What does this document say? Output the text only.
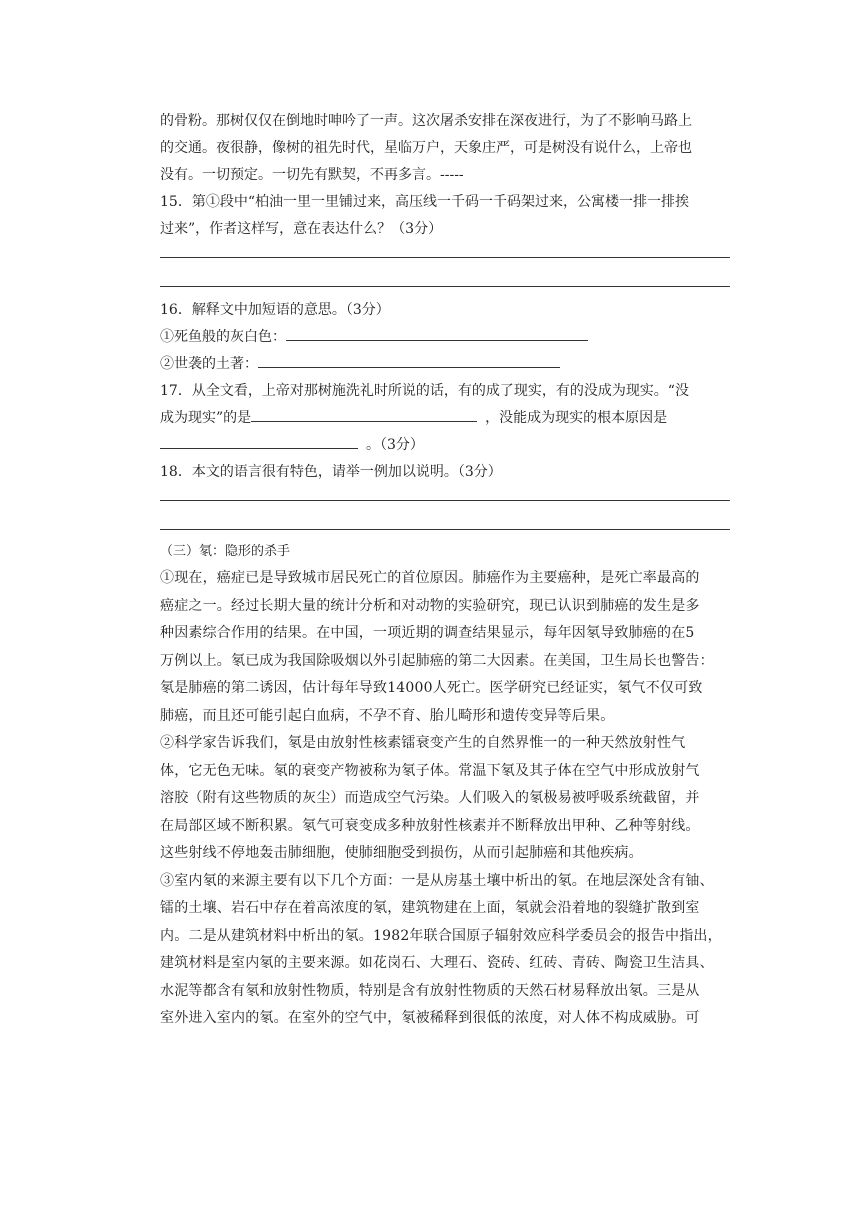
的骨粉。那树仅仅在倒地时呻吟了一声。这次屠杀安排在深夜进行，为了不影响马路上

的交通。夜很静，像树的祖先时代，星临万户，天象庄严，可是树没有说什么，上帝也

没有。一切预定。一切先有默契，不再多言。-----

15．第①段中“柏油一里一里铺过来，高压线一千码一千码架过来，公寓楼一排一排挨

过来”，作者这样写，意在表达什么？（3分）

16．解释文中加短语的意思。（3分）

①死鱼般的灰白色：

②世袭的土著：

17．从全文看，上帝对那树施洗礼时所说的话，有的成了现实，有的没成为现实。“没

成为现实”的是	，没能成为现实的根本原因是

。（3分）

18．本文的语言很有特色，请举一例加以说明。（3分）

（三）氡：隐形的杀手

①现在，癌症已是导致城市居民死亡的首位原因。肺癌作为主要癌种，是死亡率最高的

癌症之一。经过长期大量的统计分析和对动物的实验研究，现已认识到肺癌的发生是多

种因素综合作用的结果。在中国，一项近期的调查结果显示，每年因氡导致肺癌的在5

万例以上。氡已成为我国除吸烟以外引起肺癌的第二大因素。在美国，卫生局长也警告：

氡是肺癌的第二诱因，估计每年导致14000人死亡。医学研究已经证实，氡气不仅可致

肺癌，而且还可能引起白血病，不孕不育、胎儿畸形和遗传变异等后果。

②科学家告诉我们，氡是由放射性核素镭衰变产生的自然界惟一的一种天然放射性气

体，它无色无味。氡的衰变产物被称为氡子体。常温下氡及其子体在空气中形成放射气

溶胶（附有这些物质的灰尘）而造成空气污染。人们吸入的氡极易被呼吸系统截留，并

在局部区域不断积累。氡气可衰变成多种放射性核素并不断释放出甲种、乙种等射线。

这些射线不停地轰击肺细胞，使肺细胞受到损伤，从而引起肺癌和其他疾病。

③室内氡的来源主要有以下几个方面：一是从房基土壤中析出的氡。在地层深处含有铀、

镭的土壤、岩石中存在着高浓度的氡，建筑物建在上面，氡就会沿着地的裂缝扩散到室

内。二是从建筑材料中析出的氡。1982年联合国原子辐射效应科学委员会的报告中指出，

建筑材料是室内氡的主要来源。如花岗石、大理石、瓷砖、红砖、青砖、陶瓷卫生洁具、

水泥等都含有氡和放射性物质，特别是含有放射性物质的天然石材易释放出氡。三是从

室外进入室内的氡。在室外的空气中，氡被稀释到很低的浓度，对人体不构成威胁。可
